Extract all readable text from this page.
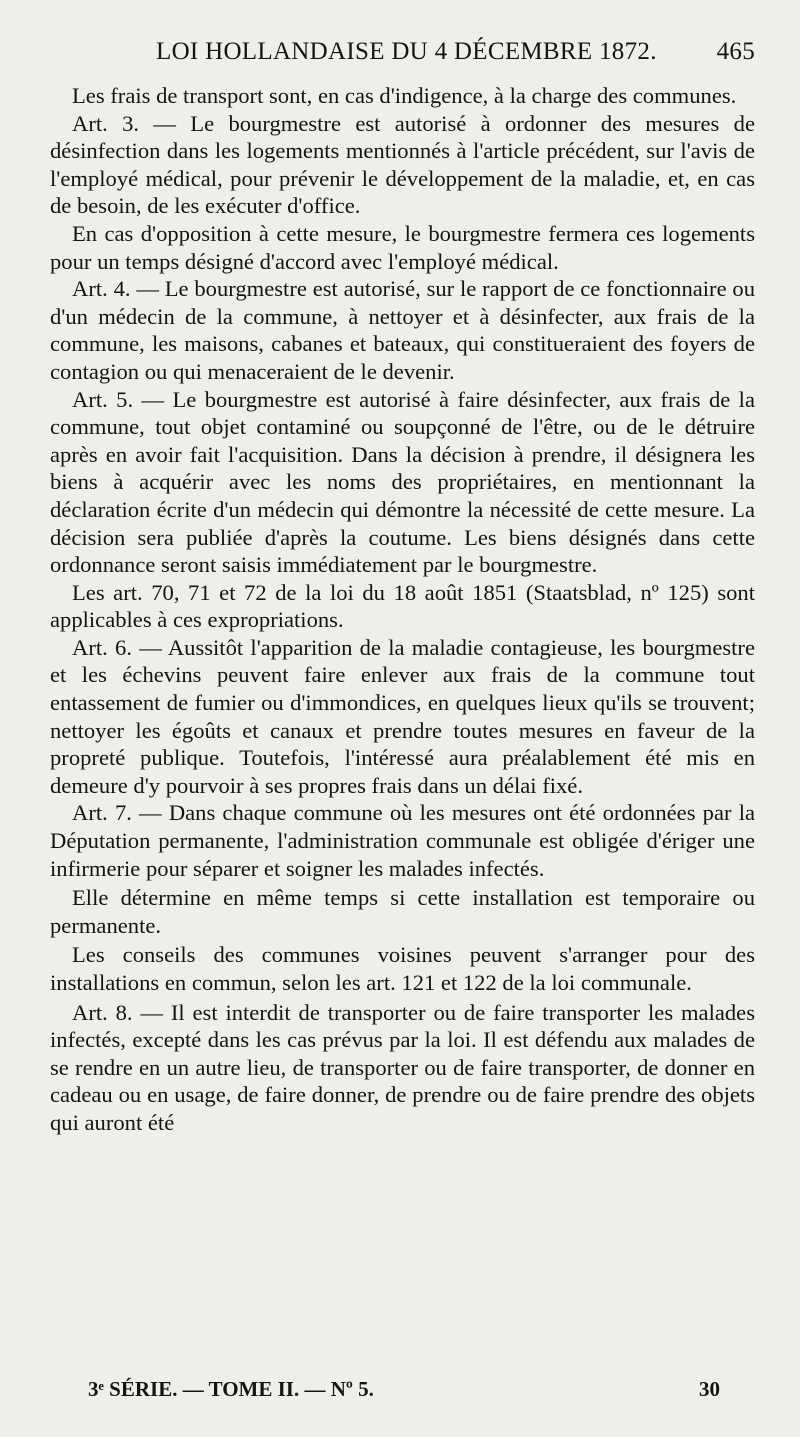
LOI HOLLANDAISE DU 4 DÉCEMBRE 1872. 465

Les frais de transport sont, en cas d'indigence, à la charge des communes.

Art. 3. — Le bourgmestre est autorisé à ordonner des mesures de désinfection dans les logements mentionnés à l'article précédent, sur l'avis de l'employé médical, pour prévenir le développement de la maladie, et, en cas de besoin, de les exécuter d'office.

En cas d'opposition à cette mesure, le bourgmestre fermera ces logements pour un temps désigné d'accord avec l'employé médical.

Art. 4. — Le bourgmestre est autorisé, sur le rapport de ce fonctionnaire ou d'un médecin de la commune, à nettoyer et à désinfecter, aux frais de la commune, les maisons, cabanes et bateaux, qui constitueraient des foyers de contagion ou qui menaceraient de le devenir.

Art. 5. — Le bourgmestre est autorisé à faire désinfecter, aux frais de la commune, tout objet contaminé ou soupçonné de l'être, ou de le détruire après en avoir fait l'acquisition. Dans la décision à prendre, il désignera les biens à acquérir avec les noms des propriétaires, en mentionnant la déclaration écrite d'un médecin qui démontre la nécessité de cette mesure. La décision sera publiée d'après la coutume. Les biens désignés dans cette ordonnance seront saisis immédiatement par le bourgmestre.

Les art. 70, 71 et 72 de la loi du 18 août 1851 (Staatsblad, nº 125) sont applicables à ces expropriations.

Art. 6. — Aussitôt l'apparition de la maladie contagieuse, les bourgmestre et les échevins peuvent faire enlever aux frais de la commune tout entassement de fumier ou d'immondices, en quelques lieux qu'ils se trouvent; nettoyer les égoûts et canaux et prendre toutes mesures en faveur de la propreté publique. Toutefois, l'intéressé aura préalablement été mis en demeure d'y pourvoir à ses propres frais dans un délai fixé.

Art. 7. — Dans chaque commune où les mesures ont été ordonnées par la Députation permanente, l'administration communale est obligée d'ériger une infirmerie pour séparer et soigner les malades infectés.

Elle détermine en même temps si cette installation est temporaire ou permanente.

Les conseils des communes voisines peuvent s'arranger pour des installations en commun, selon les art. 121 et 122 de la loi communale.

Art. 8. — Il est interdit de transporter ou de faire transporter les malades infectés, excepté dans les cas prévus par la loi. Il est défendu aux malades de se rendre en un autre lieu, de transporter ou de faire transporter, de donner en cadeau ou en usage, de faire donner, de prendre ou de faire prendre des objets qui auront été

3ᵉ SÉRIE. — TOME II. — Nº 5.	30
